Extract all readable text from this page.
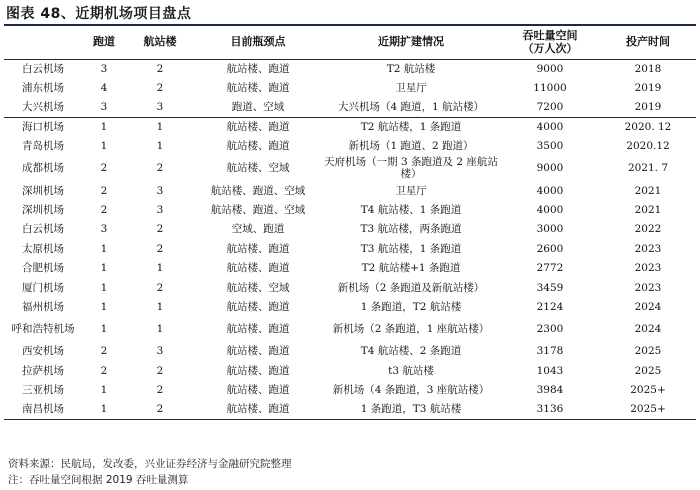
图表 48、近期机场项目盘点
	跑道	航站楼	目前瓶颈点	近期扩建情况	吞吐量空间
（万人次）	投产时间
白云机场	3	2	航站楼、跑道	T2 航站楼	9000	2018
浦东机场	4	2	航站楼、跑道	卫星厅	11000	2019
大兴机场	3	3	跑道、空域	大兴机场（4 跑道，1 航站楼）	7200	2019
海口机场	1	1	航站楼、跑道	T2 航站楼，1 条跑道	4000	2020. 12
青岛机场	1	1	航站楼、跑道	新机场（1 跑道、2 跑道）	3500	2020.12
成都机场	2	2	航站楼、空域	天府机场（一期 3 条跑道及 2 座航站楼）	9000	2021. 7
深圳机场	2	3	航站楼、跑道、空域	卫星厅	4000	2021
深圳机场	2	3	航站楼、跑道、空域	T4 航站楼、1 条跑道	4000	2021
白云机场	3	2	空域、跑道	T3 航站楼，两条跑道	3000	2022
太原机场	1	2	航站楼、跑道	T3 航站楼，1 条跑道	2600	2023
合肥机场	1	1	航站楼、跑道	T2 航站楼+1 条跑道	2772	2023
厦门机场	1	2	航站楼、空域	新机场（2 条跑道及新航站楼）	3459	2023
福州机场	1	1	航站楼、跑道	1 条跑道，T2 航站楼	2124	2024
呼和浩特机场	1	1	航站楼、跑道	新机场（2 条跑道，1 座航站楼）	2300	2024
西安机场	2	3	航站楼、跑道	T4 航站楼、2 条跑道	3178	2025
拉萨机场	2	2	航站楼、跑道	t3 航站楼	1043	2025
三亚机场	1	2	航站楼、跑道	新机场（4 条跑道，3 座航站楼）	3984	2025+
南昌机场	1	2	航站楼、跑道	1 条跑道，T3 航站楼	3136	2025+
资料来源：民航局，发改委，兴业证券经济与金融研究院整理
注：吞吐量空间根据 2019 吞吐量测算
